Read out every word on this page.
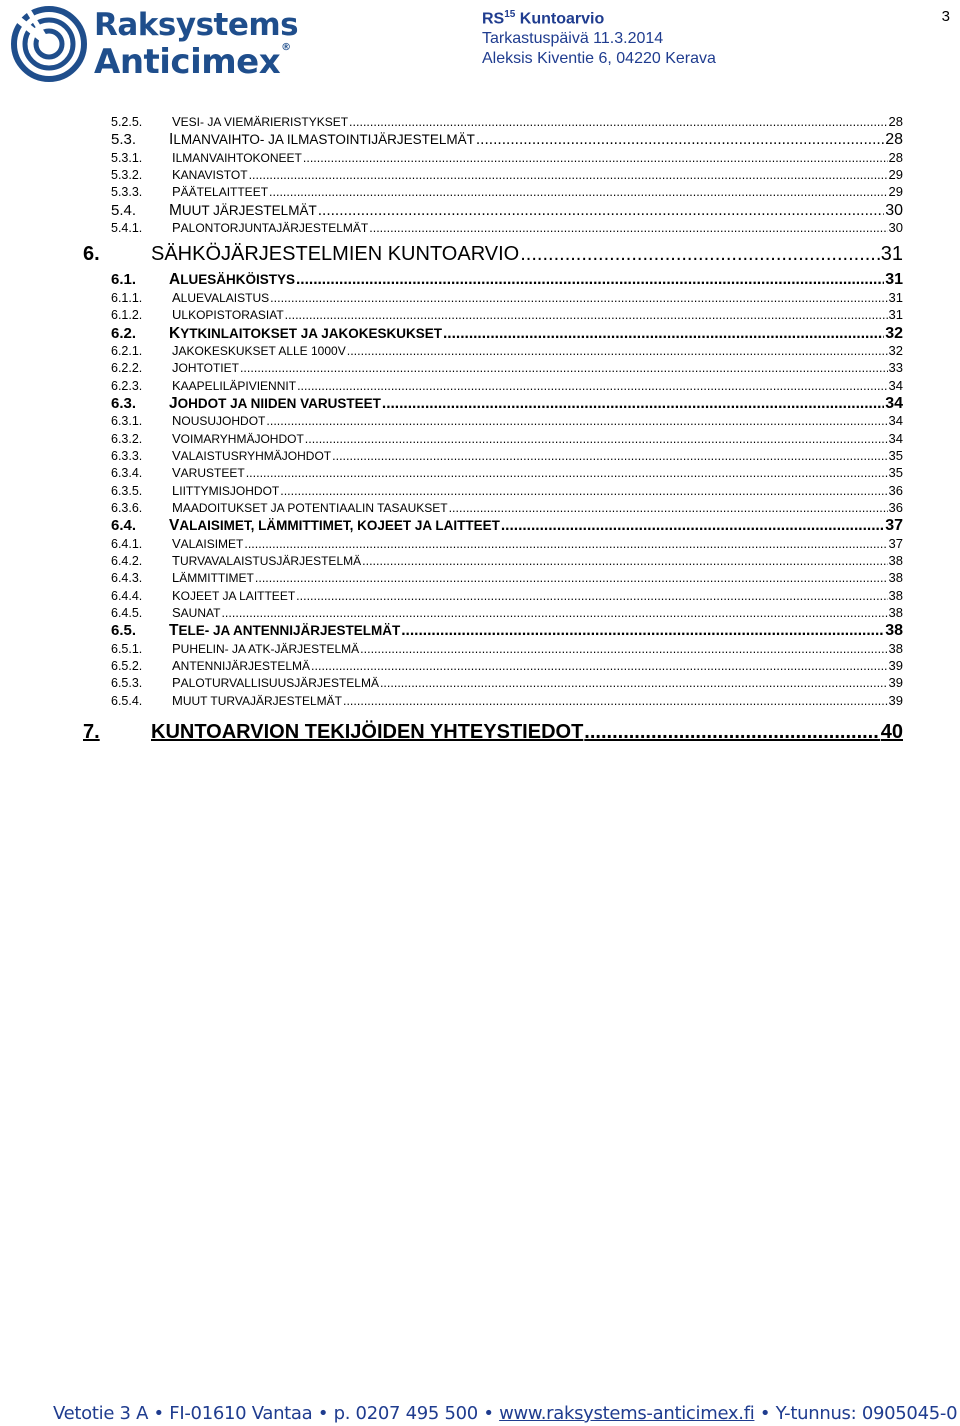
Raksystems
Anticimex®
RS$^{15}$ Kuntoarvio
Tarkastuspäivä 11.3.2014
Aleksis Kiventie 6, 04220 Kerava
3
5.2.5.	VESI- JA VIEMÄRIERISTYKSET .....	28
5.3.	ILMANVAIHTO- JA ILMASTOINTIJÄRJESTELMÄT .....	28
5.3.1.	ILMANVAIHTOKONEET .....	28
5.3.2.	KANAVISTOT .....	29
5.3.3.	PÄÄTELAITTEET .....	29
5.4.	MUUT JÄRJESTELMÄT .....	30
5.4.1.	PALONTORJUNTAJÄRJESTELMÄT .....	30
6.	SÄHKÖJÄRJESTELMIEN KUNTOARVIO .....	31
6.1.	ALUESÄHKÖISTYS .....	31
6.1.1.	ALUEVALAISTUS .....	31
6.1.2.	ULKOPISTORASIAT .....	31
6.2.	KYTKINLAITOKSET JA JAKOKESKUKSET .....	32
6.2.1.	JAKOKESKUKSET ALLE 1000V .....	32
6.2.2.	JOHTOTIET .....	33
6.2.3.	KAAPELILÄPIVIENNIT .....	34
6.3.	JOHDOT JA NIIDEN VARUSTEET .....	34
6.3.1.	NOUSUJOHDOT .....	34
6.3.2.	VOIMARYHMÄJOHDOT .....	34
6.3.3.	VALAISTUSRYHMÄJOHDOT .....	35
6.3.4.	VARUSTEET .....	35
6.3.5.	LIITTYMISJOHDOT .....	36
6.3.6.	MAADOITUKSET JA POTENTIAALIN TASAUKSET .....	36
6.4.	VALAISIMET, LÄMMITTIMET, KOJEET JA LAITTEET .....	37
6.4.1.	VALAISIMET .....	37
6.4.2.	TURVAVALAISTUSJÄRJESTELMÄ .....	38
6.4.3.	LÄMMITTIMET .....	38
6.4.4.	KOJEET JA LAITTEET .....	38
6.4.5.	SAUNAT .....	38
6.5.	TELE- JA ANTENNIJÄRJESTELMÄT .....	38
6.5.1.	PUHELIN- JA ATK-JÄRJESTELMÄ .....	38
6.5.2.	ANTENNIJÄRJESTELMÄ .....	39
6.5.3.	PALOTURVALLISUUSJÄRJESTELMÄ .....	39
6.5.4.	MUUT TURVAJÄRJESTELMÄT .....	39
7.	KUNTOARVION TEKIJÖIDEN YHTEYSTIEDOT .....	40
Vetotie 3 A • FI-01610 Vantaa • p. 0207 495 500 • www.raksystems-anticimex.fi • Y-tunnus: 0905045-0
